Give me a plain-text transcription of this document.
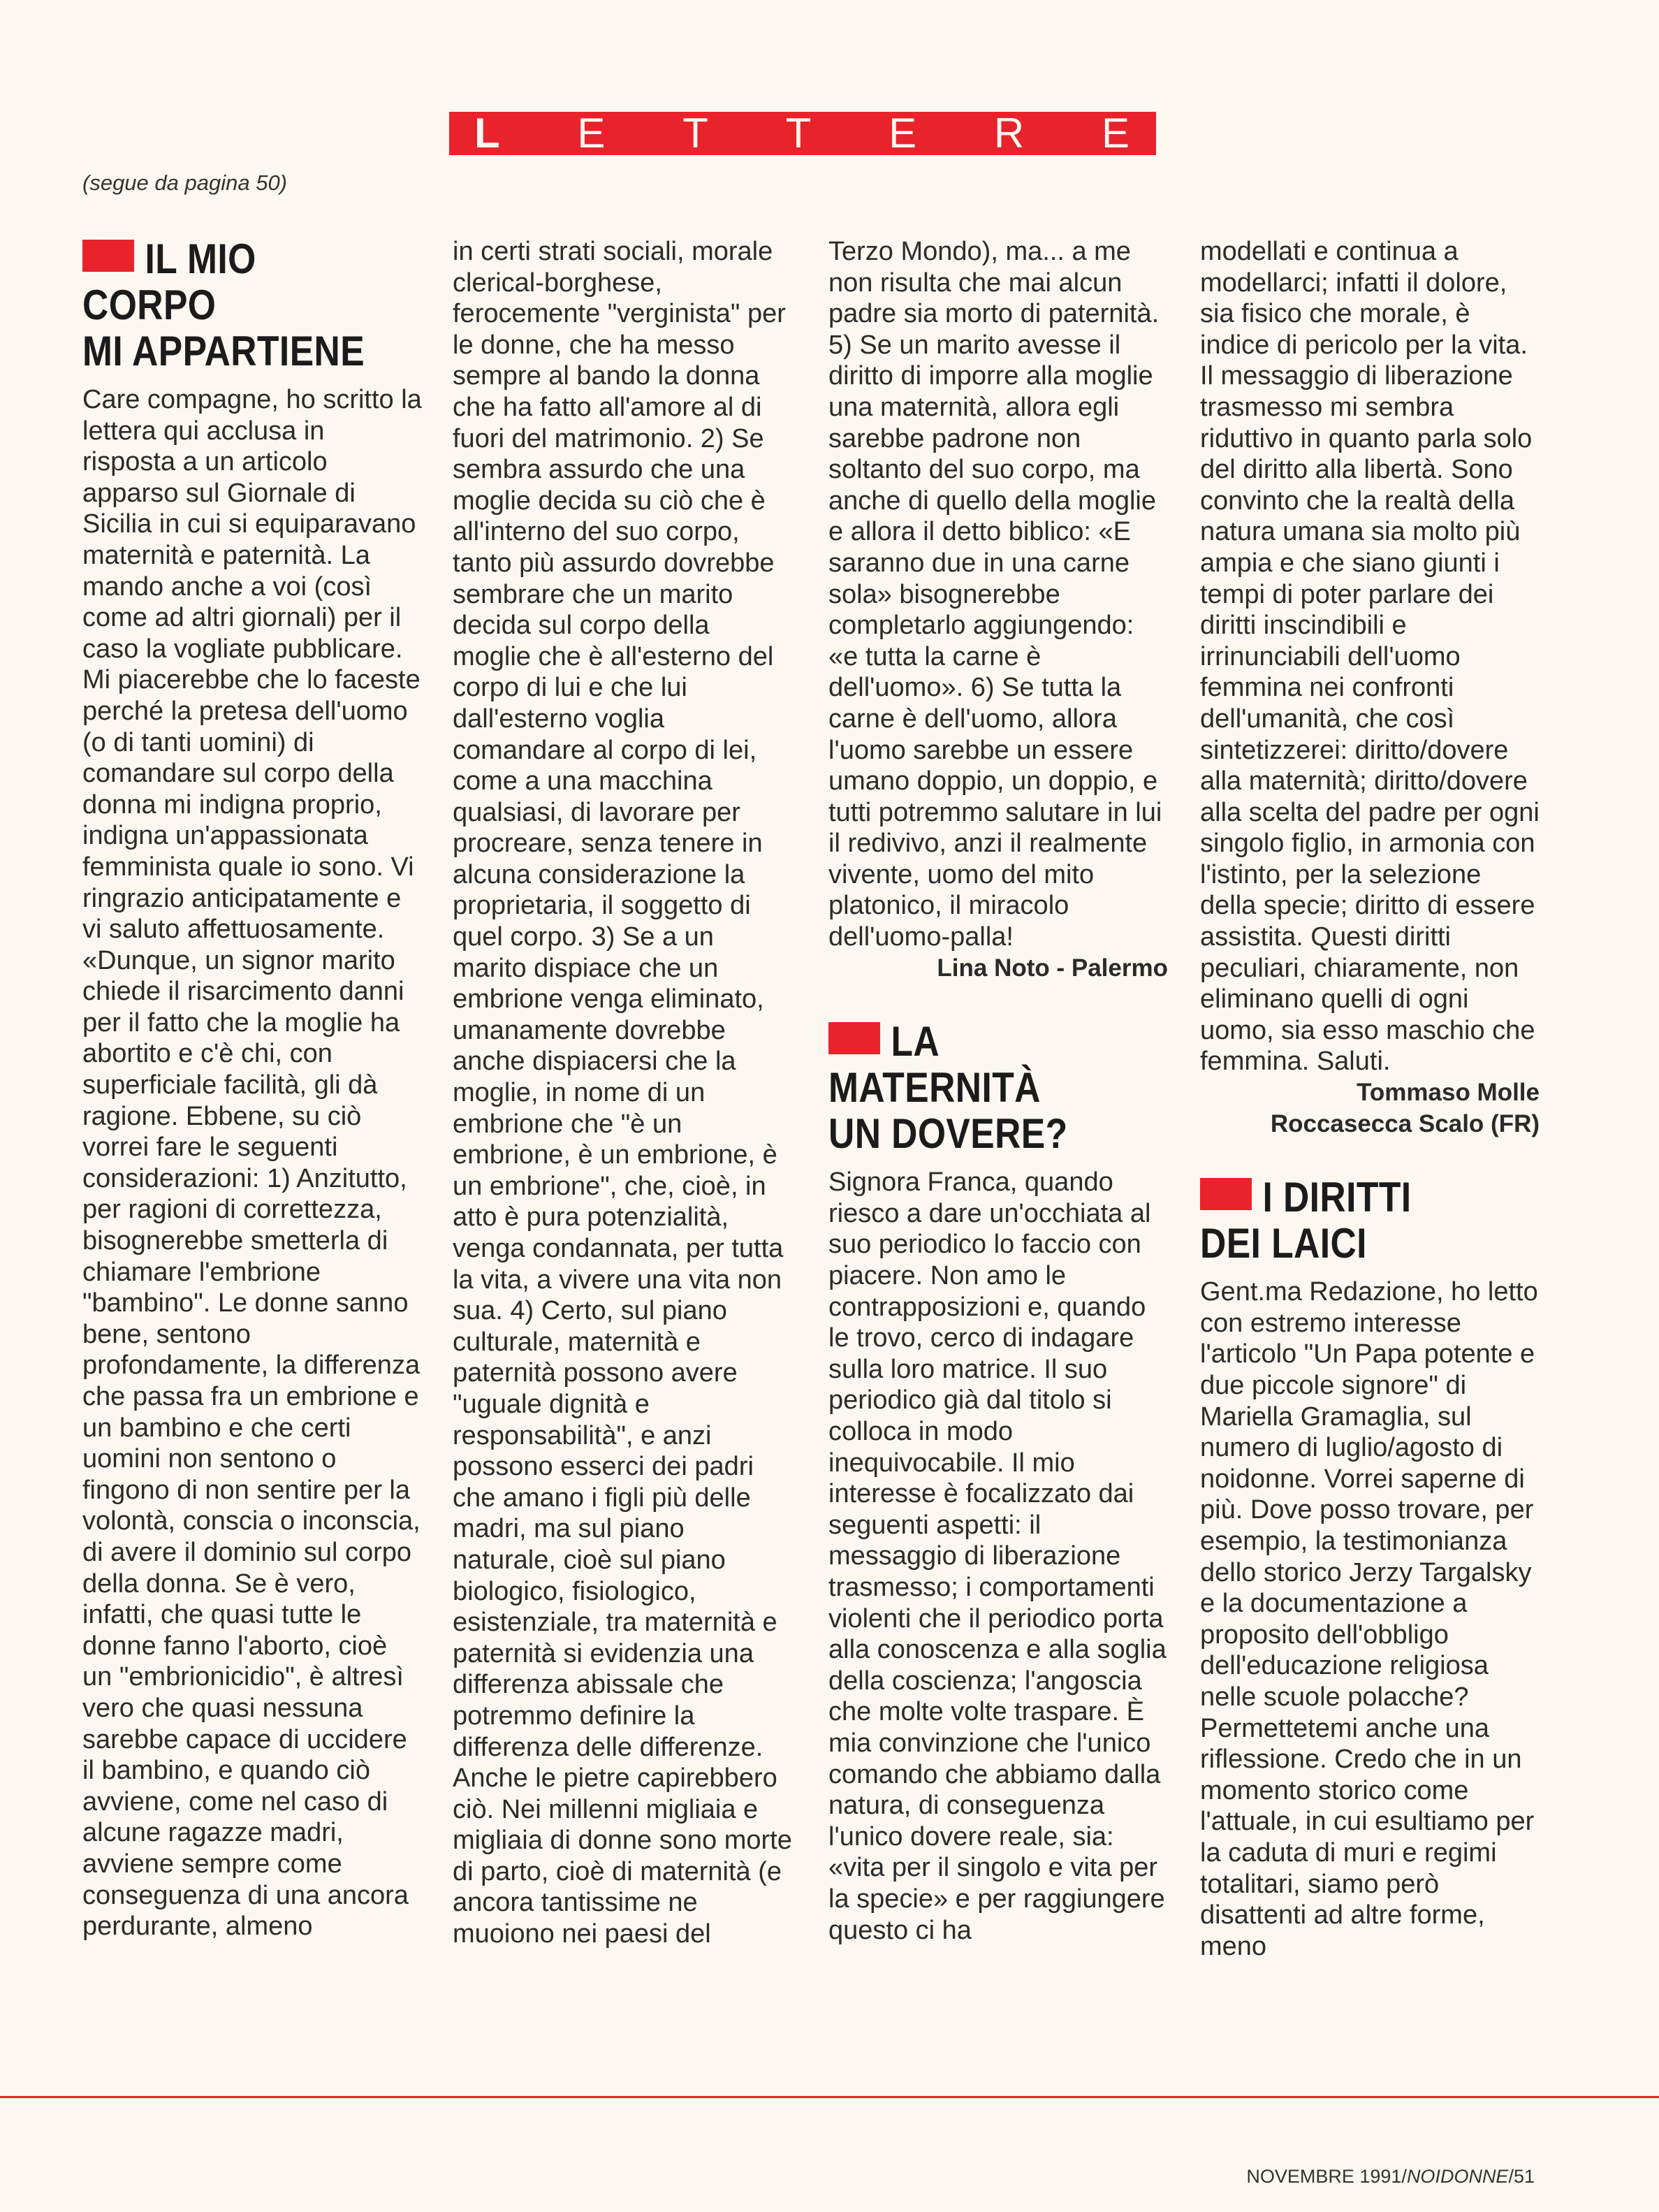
L E T T E R E
(segue da pagina 50)
IL MIO
CORPO
MI APPARTIENE

Care compagne, ho scritto la lettera qui acclusa in risposta a un articolo apparso sul Giornale di Sicilia in cui si equiparavano maternità e paternità. La mando anche a voi (così come ad altri giornali) per il caso la vogliate pubblicare. Mi piacerebbe che lo faceste perché la pretesa dell'uomo (o di tanti uomini) di comandare sul corpo della donna mi indigna proprio, indigna un'appassionata femminista quale io sono. Vi ringrazio anticipatamente e vi saluto affettuosamente. «Dunque, un signor marito chiede il risarcimento danni per il fatto che la moglie ha abortito e c'è chi, con superficiale facilità, gli dà ragione. Ebbene, su ciò vorrei fare le seguenti considerazioni: 1) Anzitutto, per ragioni di correttezza, bisognerebbe smetterla di chiamare l'embrione "bambino". Le donne sanno bene, sentono profondamente, la differenza che passa fra un embrione e un bambino e che certi uomini non sentono o fingono di non sentire per la volontà, conscia o inconscia, di avere il dominio sul corpo della donna. Se è vero, infatti, che quasi tutte le donne fanno l'aborto, cioè un "embrionicidio", è altresì vero che quasi nessuna sarebbe capace di uccidere il bambino, e quando ciò avviene, come nel caso di alcune ragazze madri, avviene sempre come conseguenza di una ancora perdurante, almeno

in certi strati sociali, morale clerical-borghese, ferocemente "verginista" per le donne, che ha messo sempre al bando la donna che ha fatto all'amore al di fuori del matrimonio. 2) Se sembra assurdo che una moglie decida su ciò che è all'interno del suo corpo, tanto più assurdo dovrebbe sembrare che un marito decida sul corpo della moglie che è all'esterno del corpo di lui e che lui dall'esterno voglia comandare al corpo di lei, come a una macchina qualsiasi, di lavorare per procreare, senza tenere in alcuna considerazione la proprietaria, il soggetto di quel corpo. 3) Se a un marito dispiace che un embrione venga eliminato, umanamente dovrebbe anche dispiacersi che la moglie, in nome di un embrione che "è un embrione, è un embrione, è un embrione", che, cioè, in atto è pura potenzialità, venga condannata, per tutta la vita, a vivere una vita non sua. 4) Certo, sul piano culturale, maternità e paternità possono avere "uguale dignità e responsabilità", e anzi possono esserci dei padri che amano i figli più delle madri, ma sul piano naturale, cioè sul piano biologico, fisiologico, esistenziale, tra maternità e paternità si evidenzia una differenza abissale che potremmo definire la differenza delle differenze. Anche le pietre capirebbero ciò. Nei millenni migliaia e migliaia di donne sono morte di parto, cioè di maternità (e ancora tantissime ne muoiono nei paesi del

Terzo Mondo), ma... a me non risulta che mai alcun padre sia morto di paternità. 5) Se un marito avesse il diritto di imporre alla moglie una maternità, allora egli sarebbe padrone non soltanto del suo corpo, ma anche di quello della moglie e allora il detto biblico: «E saranno due in una carne sola» bisognerebbe completarlo aggiungendo: «e tutta la carne è dell'uomo». 6) Se tutta la carne è dell'uomo, allora l'uomo sarebbe un essere umano doppio, un doppio, e tutti potremmo salutare in lui il redivivo, anzi il realmente vivente, uomo del mito platonico, il miracolo dell'uomo-palla!

Lina Noto - Palermo

LA
MATERNITÀ
UN DOVERE?

Signora Franca, quando riesco a dare un'occhiata al suo periodico lo faccio con piacere. Non amo le contrapposizioni e, quando le trovo, cerco di indagare sulla loro matrice. Il suo periodico già dal titolo si colloca in modo inequivocabile. Il mio interesse è focalizzato dai seguenti aspetti: il messaggio di liberazione trasmesso; i comportamenti violenti che il periodico porta alla conoscenza e alla soglia della coscienza; l'angoscia che molte volte traspare. È mia convinzione che l'unico comando che abbiamo dalla natura, di conseguenza l'unico dovere reale, sia: «vita per il singolo e vita per la specie» e per raggiungere questo ci ha

modellati e continua a modellarci; infatti il dolore, sia fisico che morale, è indice di pericolo per la vita. Il messaggio di liberazione trasmesso mi sembra riduttivo in quanto parla solo del diritto alla libertà. Sono convinto che la realtà della natura umana sia molto più ampia e che siano giunti i tempi di poter parlare dei diritti inscindibili e irrinunciabili dell'uomo femmina nei confronti dell'umanità, che così sintetizzerei: diritto/dovere alla maternità; diritto/dovere alla scelta del padre per ogni singolo figlio, in armonia con l'istinto, per la selezione della specie; diritto di essere assistita. Questi diritti peculiari, chiaramente, non eliminano quelli di ogni uomo, sia esso maschio che femmina. Saluti.

Tommaso Molle

Roccasecca Scalo (FR)

I DIRITTI
DEI LAICI

Gent.ma Redazione, ho letto con estremo interesse l'articolo "Un Papa potente e due piccole signore" di Mariella Gramaglia, sul numero di luglio/agosto di noidonne. Vorrei saperne di più. Dove posso trovare, per esempio, la testimonianza dello storico Jerzy Targalsky e la documentazione a proposito dell'obbligo dell'educazione religiosa nelle scuole polacche? Permettetemi anche una riflessione. Credo che in un momento storico come l'attuale, in cui esultiamo per la caduta di muri e regimi totalitari, siamo però disattenti ad altre forme, meno

NOVEMBRE 1991/NOIDONNE/51
